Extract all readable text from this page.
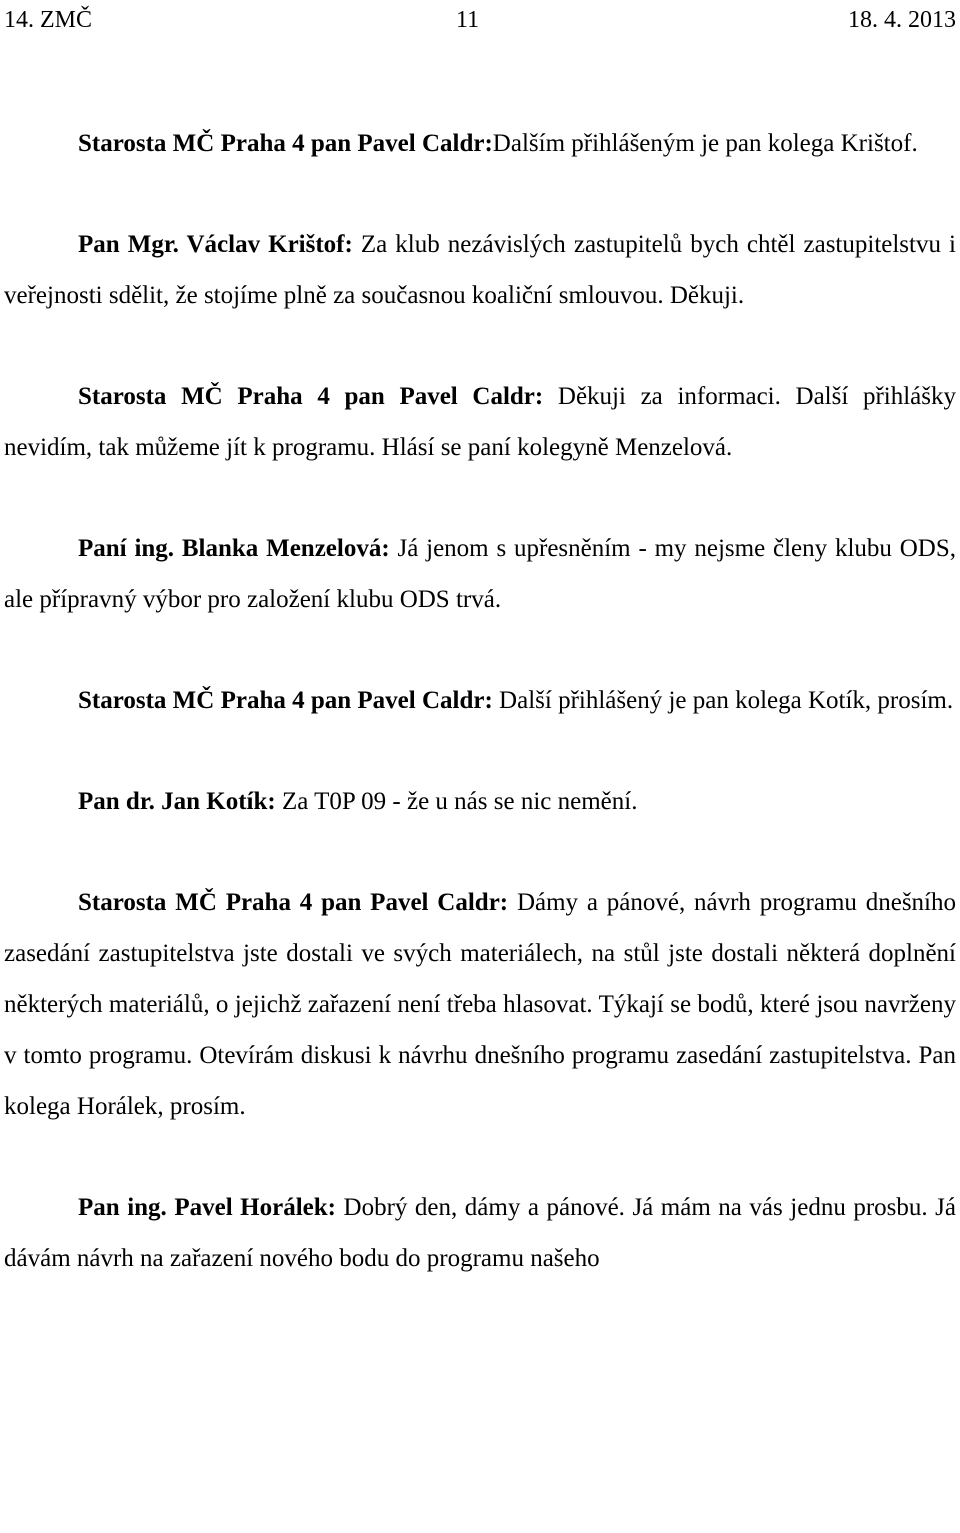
14. ZMČ	11	18. 4. 2013

Starosta MČ Praha 4 pan Pavel Caldr:Dalším přihlášeným je pan kolega Krištof.

Pan Mgr. Václav Krištof: Za klub nezávislých zastupitelů bych chtěl zastupitelstvu i veřejnosti sdělit, že stojíme plně za současnou koaliční smlouvou. Děkuji.

Starosta MČ Praha 4 pan Pavel Caldr: Děkuji za informaci. Další přihlášky nevidím, tak můžeme jít k programu. Hlásí se paní kolegyně Menzelová.

Paní ing. Blanka Menzelová: Já jenom s upřesněním - my nejsme členy klubu ODS, ale přípravný výbor pro založení klubu ODS trvá.

Starosta MČ Praha 4 pan Pavel Caldr: Další přihlášený je pan kolega Kotík, prosím.

Pan dr. Jan Kotík: Za T0P 09 - že u nás se nic nemění.

Starosta MČ Praha 4 pan Pavel Caldr: Dámy a pánové, návrh programu dnešního zasedání zastupitelstva jste dostali ve svých materiálech, na stůl jste dostali některá doplnění některých materiálů, o jejichž zařazení není třeba hlasovat. Týkají se bodů, které jsou navrženy v tomto programu. Otevírám diskusi k návrhu dnešního programu zasedání zastupitelstva. Pan kolega Horálek, prosím.

Pan ing. Pavel Horálek: Dobrý den, dámy a pánové. Já mám na vás jednu prosbu. Já dávám návrh na zařazení nového bodu do programu našeho
